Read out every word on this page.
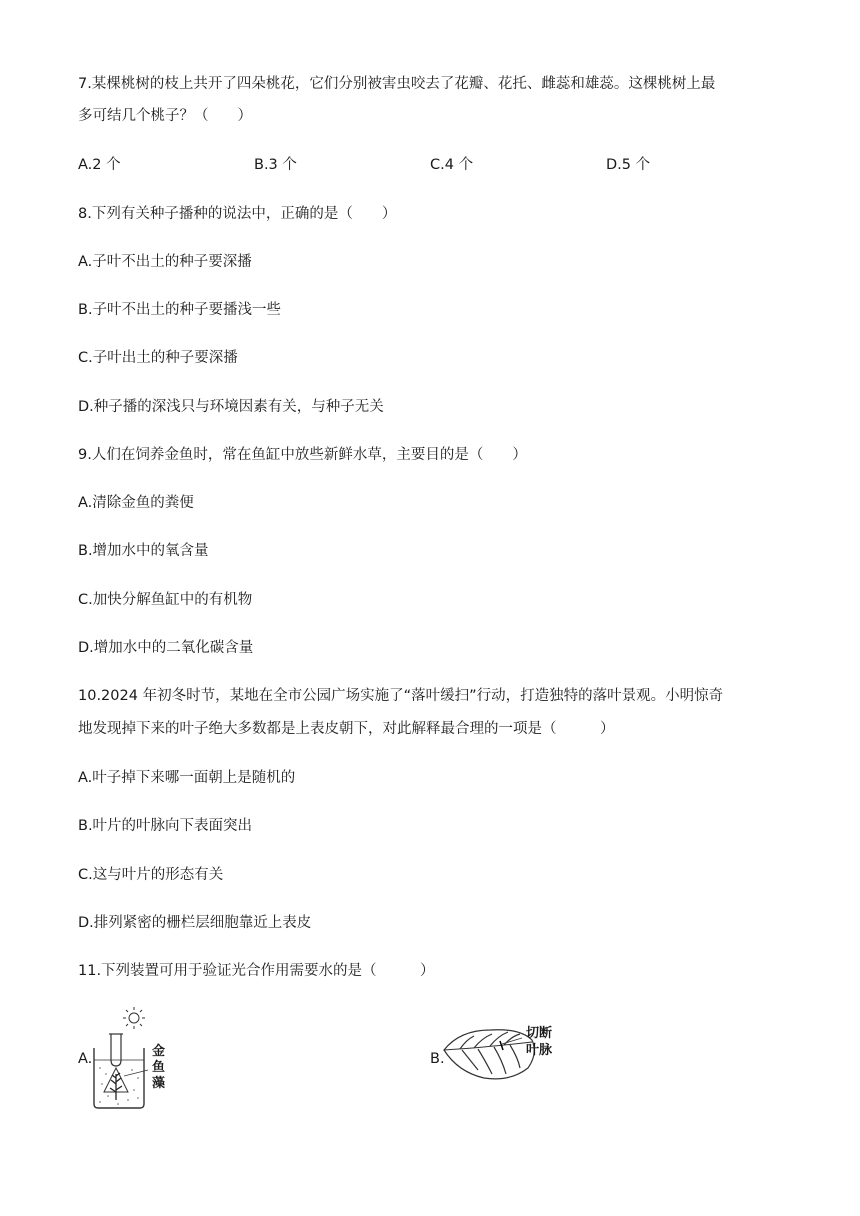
7.某棵桃树的枝上共开了四朵桃花，它们分别被害虫咬去了花瓣、花托、雌蕊和雄蕊。这棵桃树上最
多可结几个桃子？（　　）
A.2 个	B.3 个	C.4 个	D.5 个
8.下列有关种子播种的说法中，正确的是（　　）
A.子叶不出土的种子要深播
B.子叶不出土的种子要播浅一些
C.子叶出土的种子要深播
D.种子播的深浅只与环境因素有关，与种子无关
9.人们在饲养金鱼时，常在鱼缸中放些新鲜水草，主要目的是（　　）
A.清除金鱼的粪便
B.增加水中的氧含量
C.加快分解鱼缸中的有机物
D.增加水中的二氧化碳含量
10.2024 年初冬时节，某地在全市公园广场实施了“落叶缓扫”行动，打造独特的落叶景观。小明惊奇
地发现掉下来的叶子绝大多数都是上表皮朝下，对此解释最合理的一项是（　　　）
A.叶子掉下来哪一面朝上是随机的
B.叶片的叶脉向下表面突出
C.这与叶片的形态有关
D.排列紧密的栅栏层细胞靠近上表皮
11.下列装置可用于验证光合作用需要水的是（　　　）
A.	金鱼藻
B.
切断
叶脉
